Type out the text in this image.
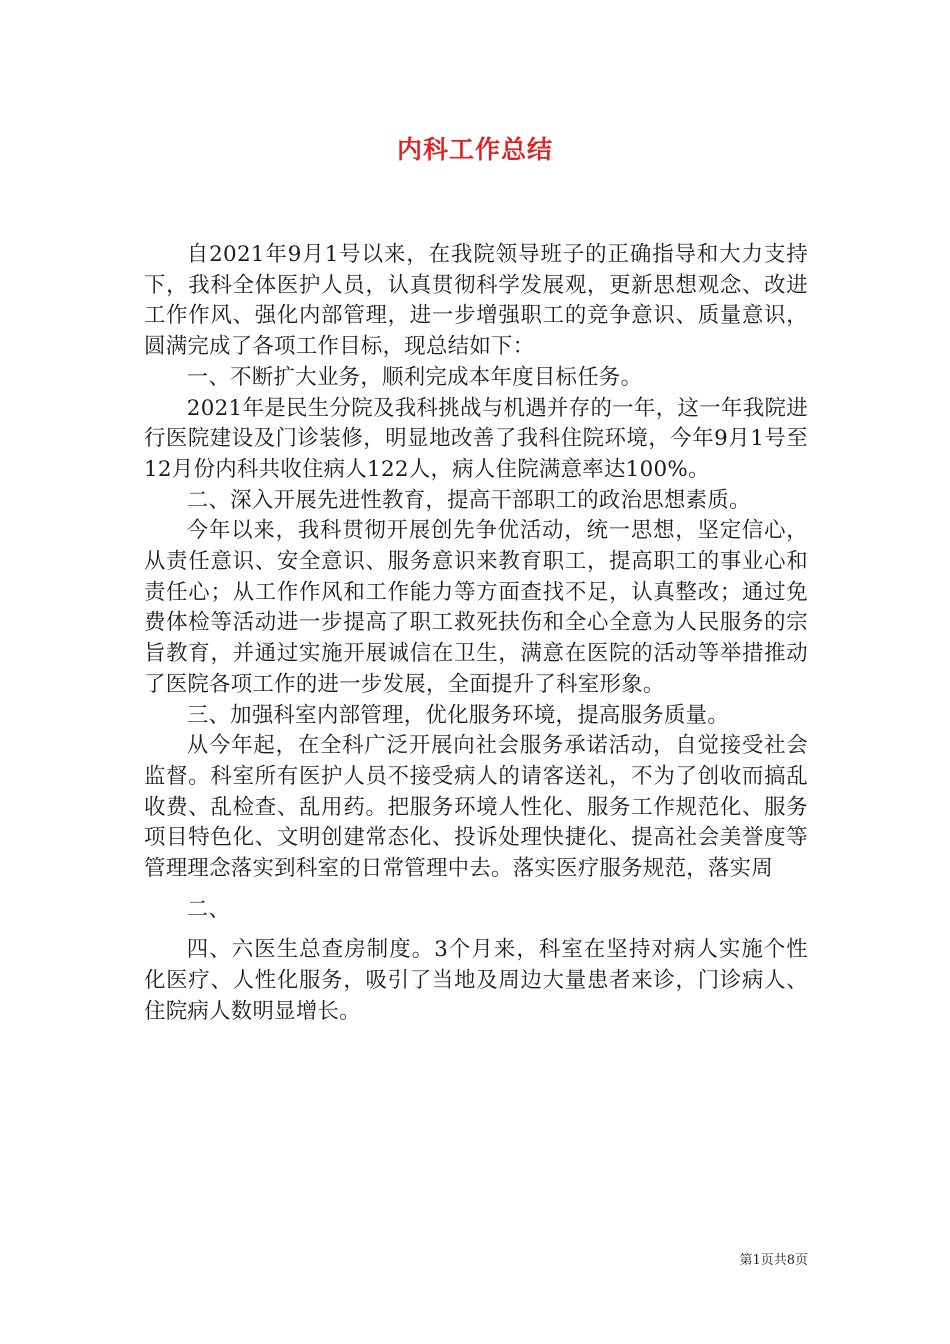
内科工作总结

自2021年9月1号以来，在我院领导班子的正确指导和大力支持下，我科全体医护人员，认真贯彻科学发展观，更新思想观念、改进工作作风、强化内部管理，进一步增强职工的竞争意识、质量意识，圆满完成了各项工作目标，现总结如下：

一、不断扩大业务，顺利完成本年度目标任务。

2021年是民生分院及我科挑战与机遇并存的一年，这一年我院进行医院建设及门诊装修，明显地改善了我科住院环境，今年9月1号至12月份内科共收住病人122人，病人住院满意率达100%。

二、深入开展先进性教育，提高干部职工的政治思想素质。

今年以来，我科贯彻开展创先争优活动，统一思想，坚定信心，从责任意识、安全意识、服务意识来教育职工，提高职工的事业心和责任心；从工作作风和工作能力等方面查找不足，认真整改；通过免费体检等活动进一步提高了职工救死扶伤和全心全意为人民服务的宗旨教育，并通过实施开展诚信在卫生，满意在医院的活动等举措推动了医院各项工作的进一步发展，全面提升了科室形象。

三、加强科室内部管理，优化服务环境，提高服务质量。

从今年起，在全科广泛开展向社会服务承诺活动，自觉接受社会监督。科室所有医护人员不接受病人的请客送礼，不为了创收而搞乱收费、乱检查、乱用药。把服务环境人性化、服务工作规范化、服务项目特色化、文明创建常态化、投诉处理快捷化、提高社会美誉度等管理理念落实到科室的日常管理中去。落实医疗服务规范，落实周

二、

四、六医生总查房制度。3个月来，科室在坚持对病人实施个性化医疗、人性化服务，吸引了当地及周边大量患者来诊，门诊病人、住院病人数明显增长。

第1页共8页
